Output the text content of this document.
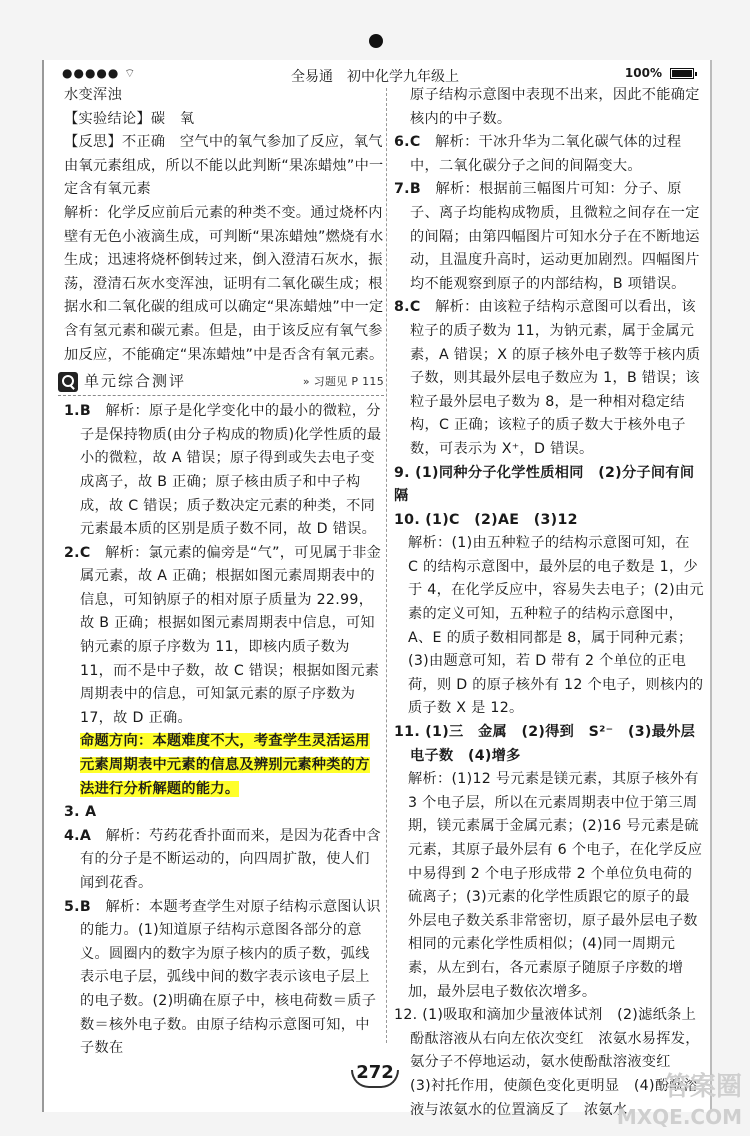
●●●●● ⌔	全易通　初中化学九年级上	100%

水变浑浊

【实验结论】碳　氧

【反思】不正确　空气中的氧气参加了反应，氧气由氧元素组成，所以不能以此判断“果冻蜡烛”中一定含有氧元素

解析：化学反应前后元素的种类不变。通过烧杯内壁有无色小液滴生成，可判断“果冻蜡烛”燃烧有水生成；迅速将烧杯倒转过来，倒入澄清石灰水，振荡，澄清石灰水变浑浊，证明有二氧化碳生成；根据水和二氧化碳的组成可以确定“果冻蜡烛”中一定含有氢元素和碳元素。但是，由于该反应有氧气参加反应，不能确定“果冻蜡烛”中是否含有氧元素。

单元综合测评	» 习题见 P 115

1.B　 解析：原子是化学变化中的最小的微粒，分子是保持物质(由分子构成的物质)化学性质的最小的微粒，故 A 错误；原子得到或失去电子变成离子，故 B 正确；原子核由质子和中子构成，故 C 错误；质子数决定元素的种类，不同元素最本质的区别是质子数不同，故 D 错误。

2.C　 解析：氯元素的偏旁是“气”，可见属于非金属元素，故 A 正确；根据如图元素周期表中的信息，可知钠原子的相对原子质量为 22.99，故 B 正确；根据如图元素周期表中信息，可知钠元素的原子序数为 11，即核内质子数为 11，而不是中子数，故 C 错误；根据如图元素周期表中的信息，可知氯元素的原子序数为 17，故 D 正确。

命题方向：本题难度不大，考查学生灵活运用元素周期表中元素的信息及辨别元素种类的方法进行分析解题的能力。

3. A

4.A　 解析：芍药花香扑面而来，是因为花香中含有的分子是不断运动的，向四周扩散，使人们闻到花香。

5.B　 解析：本题考查学生对原子结构示意图认识的能力。(1)知道原子结构示意图各部分的意义。圆圈内的数字为原子核内的质子数，弧线表示电子层，弧线中间的数字表示该电子层上的电子数。(2)明确在原子中，核电荷数＝质子数＝核外电子数。由原子结构示意图可知，中子数在

原子结构示意图中表现不出来，因此不能确定核内的中子数。

6.C　 解析：干冰升华为二氧化碳气体的过程中，二氧化碳分子之间的间隔变大。

7.B　 解析：根据前三幅图片可知：分子、原子、离子均能构成物质，且微粒之间存在一定的间隔；由第四幅图片可知水分子在不断地运动，且温度升高时，运动更加剧烈。四幅图片均不能观察到原子的内部结构，B 项错误。

8.C　 解析：由该粒子结构示意图可以看出，该粒子的质子数为 11，为钠元素，属于金属元素，A 错误；X 的原子核外电子数等于核内质子数，则其最外层电子数应为 1，B 错误；该粒子最外层电子数为 8，是一种相对稳定结构，C 正确；该粒子的质子数大于核外电子数，可表示为 X⁺，D 错误。

9. (1)同种分子化学性质相同　(2)分子间有间隔

10. (1)C　(2)AE　(3)12

解析：(1)由五种粒子的结构示意图可知，在 C 的结构示意图中，最外层的电子数是 1，少于 4，在化学反应中，容易失去电子；(2)由元素的定义可知，五种粒子的结构示意图中，A、E 的质子数相同都是 8，属于同种元素；(3)由题意可知，若 D 带有 2 个单位的正电荷，则 D 的原子核外有 12 个电子，则核内的质子数 X 是 12。

11. (1)三　金属　(2)得到　S²⁻　(3)最外层电子数　(4)增多

解析：(1)12 号元素是镁元素，其原子核外有 3 个电子层，所以在元素周期表中位于第三周期，镁元素属于金属元素；(2)16 号元素是硫元素，其原子最外层有 6 个电子，在化学反应中易得到 2 个电子形成带 2 个单位负电荷的硫离子；(3)元素的化学性质跟它的原子的最外层电子数关系非常密切，原子最外层电子数相同的元素化学性质相似；(4)同一周期元素，从左到右，各元素原子随原子序数的增加，最外层电子数依次增多。

12. (1)吸取和滴加少量液体试剂　(2)滤纸条上酚酞溶液从右向左依次变红　浓氨水易挥发，氨分子不停地运动，氨水使酚酞溶液变红　(3)衬托作用，使颜色变化更明显　(4)酚酞溶液与浓氨水的位置滴反了　浓氨水

272	答案圈
MXQE.COM
